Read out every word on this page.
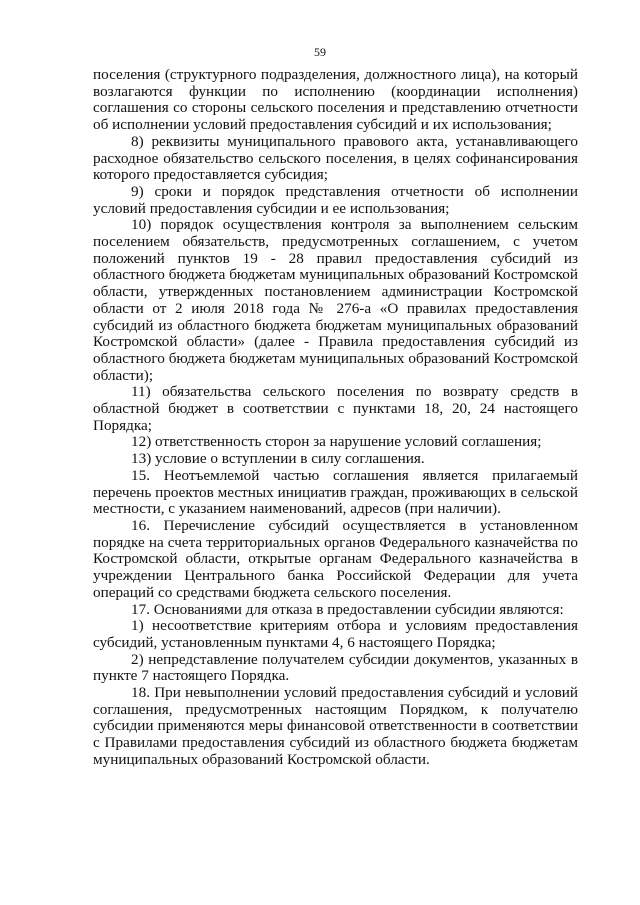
59

поселения (структурного подразделения, должностного лица), на который возлагаются функции по исполнению (координации исполнения) соглашения со стороны сельского поселения и представлению отчетности об исполнении условий предоставления субсидий и их использования;

8) реквизиты муниципального правового акта, устанавливающего расходное обязательство сельского поселения, в целях софинансирования которого предоставляется субсидия;

9) сроки и порядок представления отчетности об исполнении условий предоставления субсидии и ее использования;

10) порядок осуществления контроля за выполнением сельским поселением обязательств, предусмотренных соглашением, с учетом положений пунктов 19 - 28 правил предоставления субсидий из областного бюджета бюджетам муниципальных образований Костромской области, утвержденных постановлением администрации Костромской области от 2 июля 2018 года № 276-а «О правилах предоставления субсидий из областного бюджета бюджетам муниципальных образований Костромской области» (далее - Правила предоставления субсидий из областного бюджета бюджетам муниципальных образований Костромской области);

11) обязательства сельского поселения по возврату средств в областной бюджет в соответствии с пунктами 18, 20, 24 настоящего Порядка;

12) ответственность сторон за нарушение условий соглашения;

13) условие о вступлении в силу соглашения.

15. Неотъемлемой частью соглашения является прилагаемый перечень проектов местных инициатив граждан, проживающих в сельской местности, с указанием наименований, адресов (при наличии).

16. Перечисление субсидий осуществляется в установленном порядке на счета территориальных органов Федерального казначейства по Костромской области, открытые органам Федерального казначейства в учреждении Центрального банка Российской Федерации для учета операций со средствами бюджета сельского поселения.

17. Основаниями для отказа в предоставлении субсидии являются:

1) несоответствие критериям отбора и условиям предоставления субсидий, установленным пунктами 4, 6 настоящего Порядка;

2) непредставление получателем субсидии документов, указанных в пункте 7 настоящего Порядка.

18. При невыполнении условий предоставления субсидий и условий соглашения, предусмотренных настоящим Порядком, к получателю субсидии применяются меры финансовой ответственности в соответствии с Правилами предоставления субсидий из областного бюджета бюджетам муниципальных образований Костромской области.
